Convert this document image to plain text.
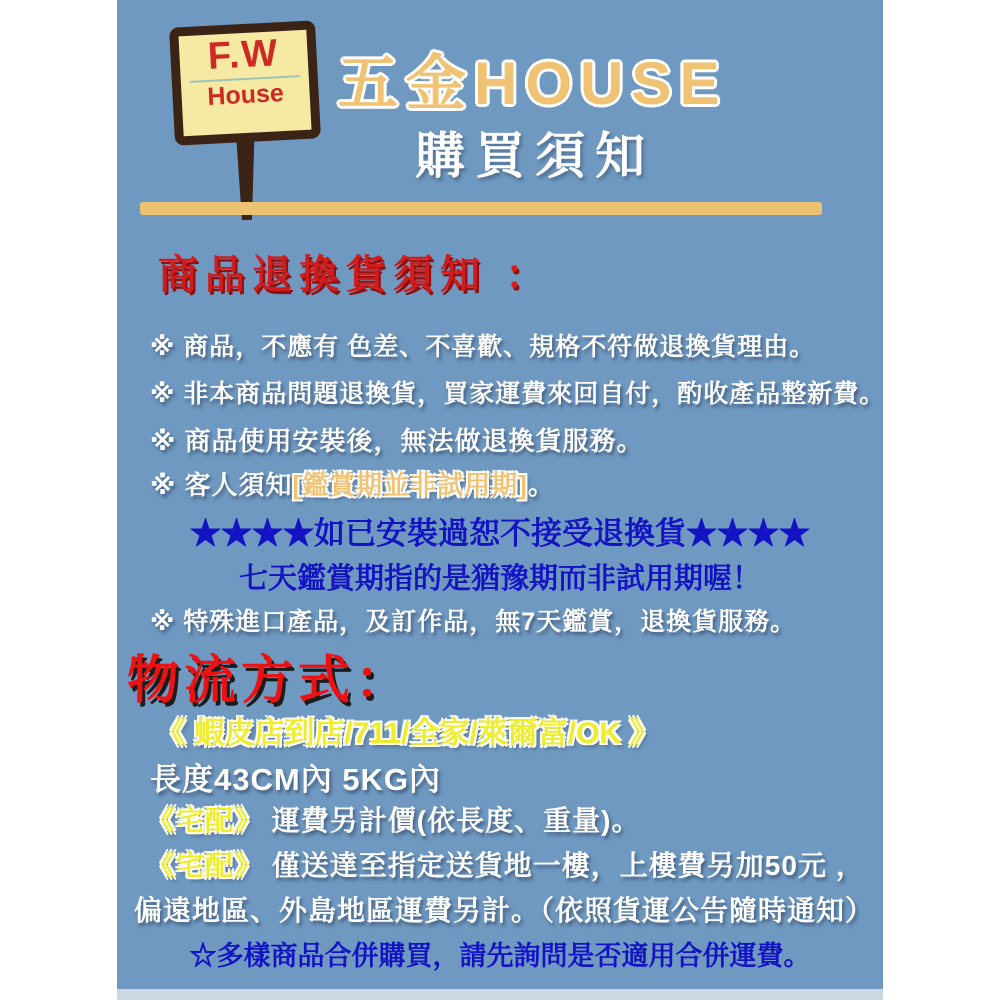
F.W
House 五金HOUSE
購買須知
商品退換貨須知 ：
※ 商品，不應有 色差、不喜歡、規格不符做退換貨理由。
※ 非本商品問題退換貨，買家運費來回自付，酌收產品整新費。
※ 商品使用安裝後，無法做退換貨服務。
※ 客人須知[鑑賞期並非試用期]。
★★★★如已安裝過恕不接受退換貨★★★★
七天鑑賞期指的是猶豫期而非試用期喔！
※ 特殊進口產品，及訂作品，無7天鑑賞，退換貨服務。
物流方式：
《 蝦皮店到店/711/全家/萊爾富/OK 》
長度43CM內 5KG內
《宅配》 運費另計價(依長度、重量)。
《宅配》 僅送達至指定送貨地一樓，上樓費另加50元 ，
偏遠地區、外島地區運費另計。（依照貨運公告隨時通知）
☆多樣商品合併購買，請先詢問是否適用合併運費。
